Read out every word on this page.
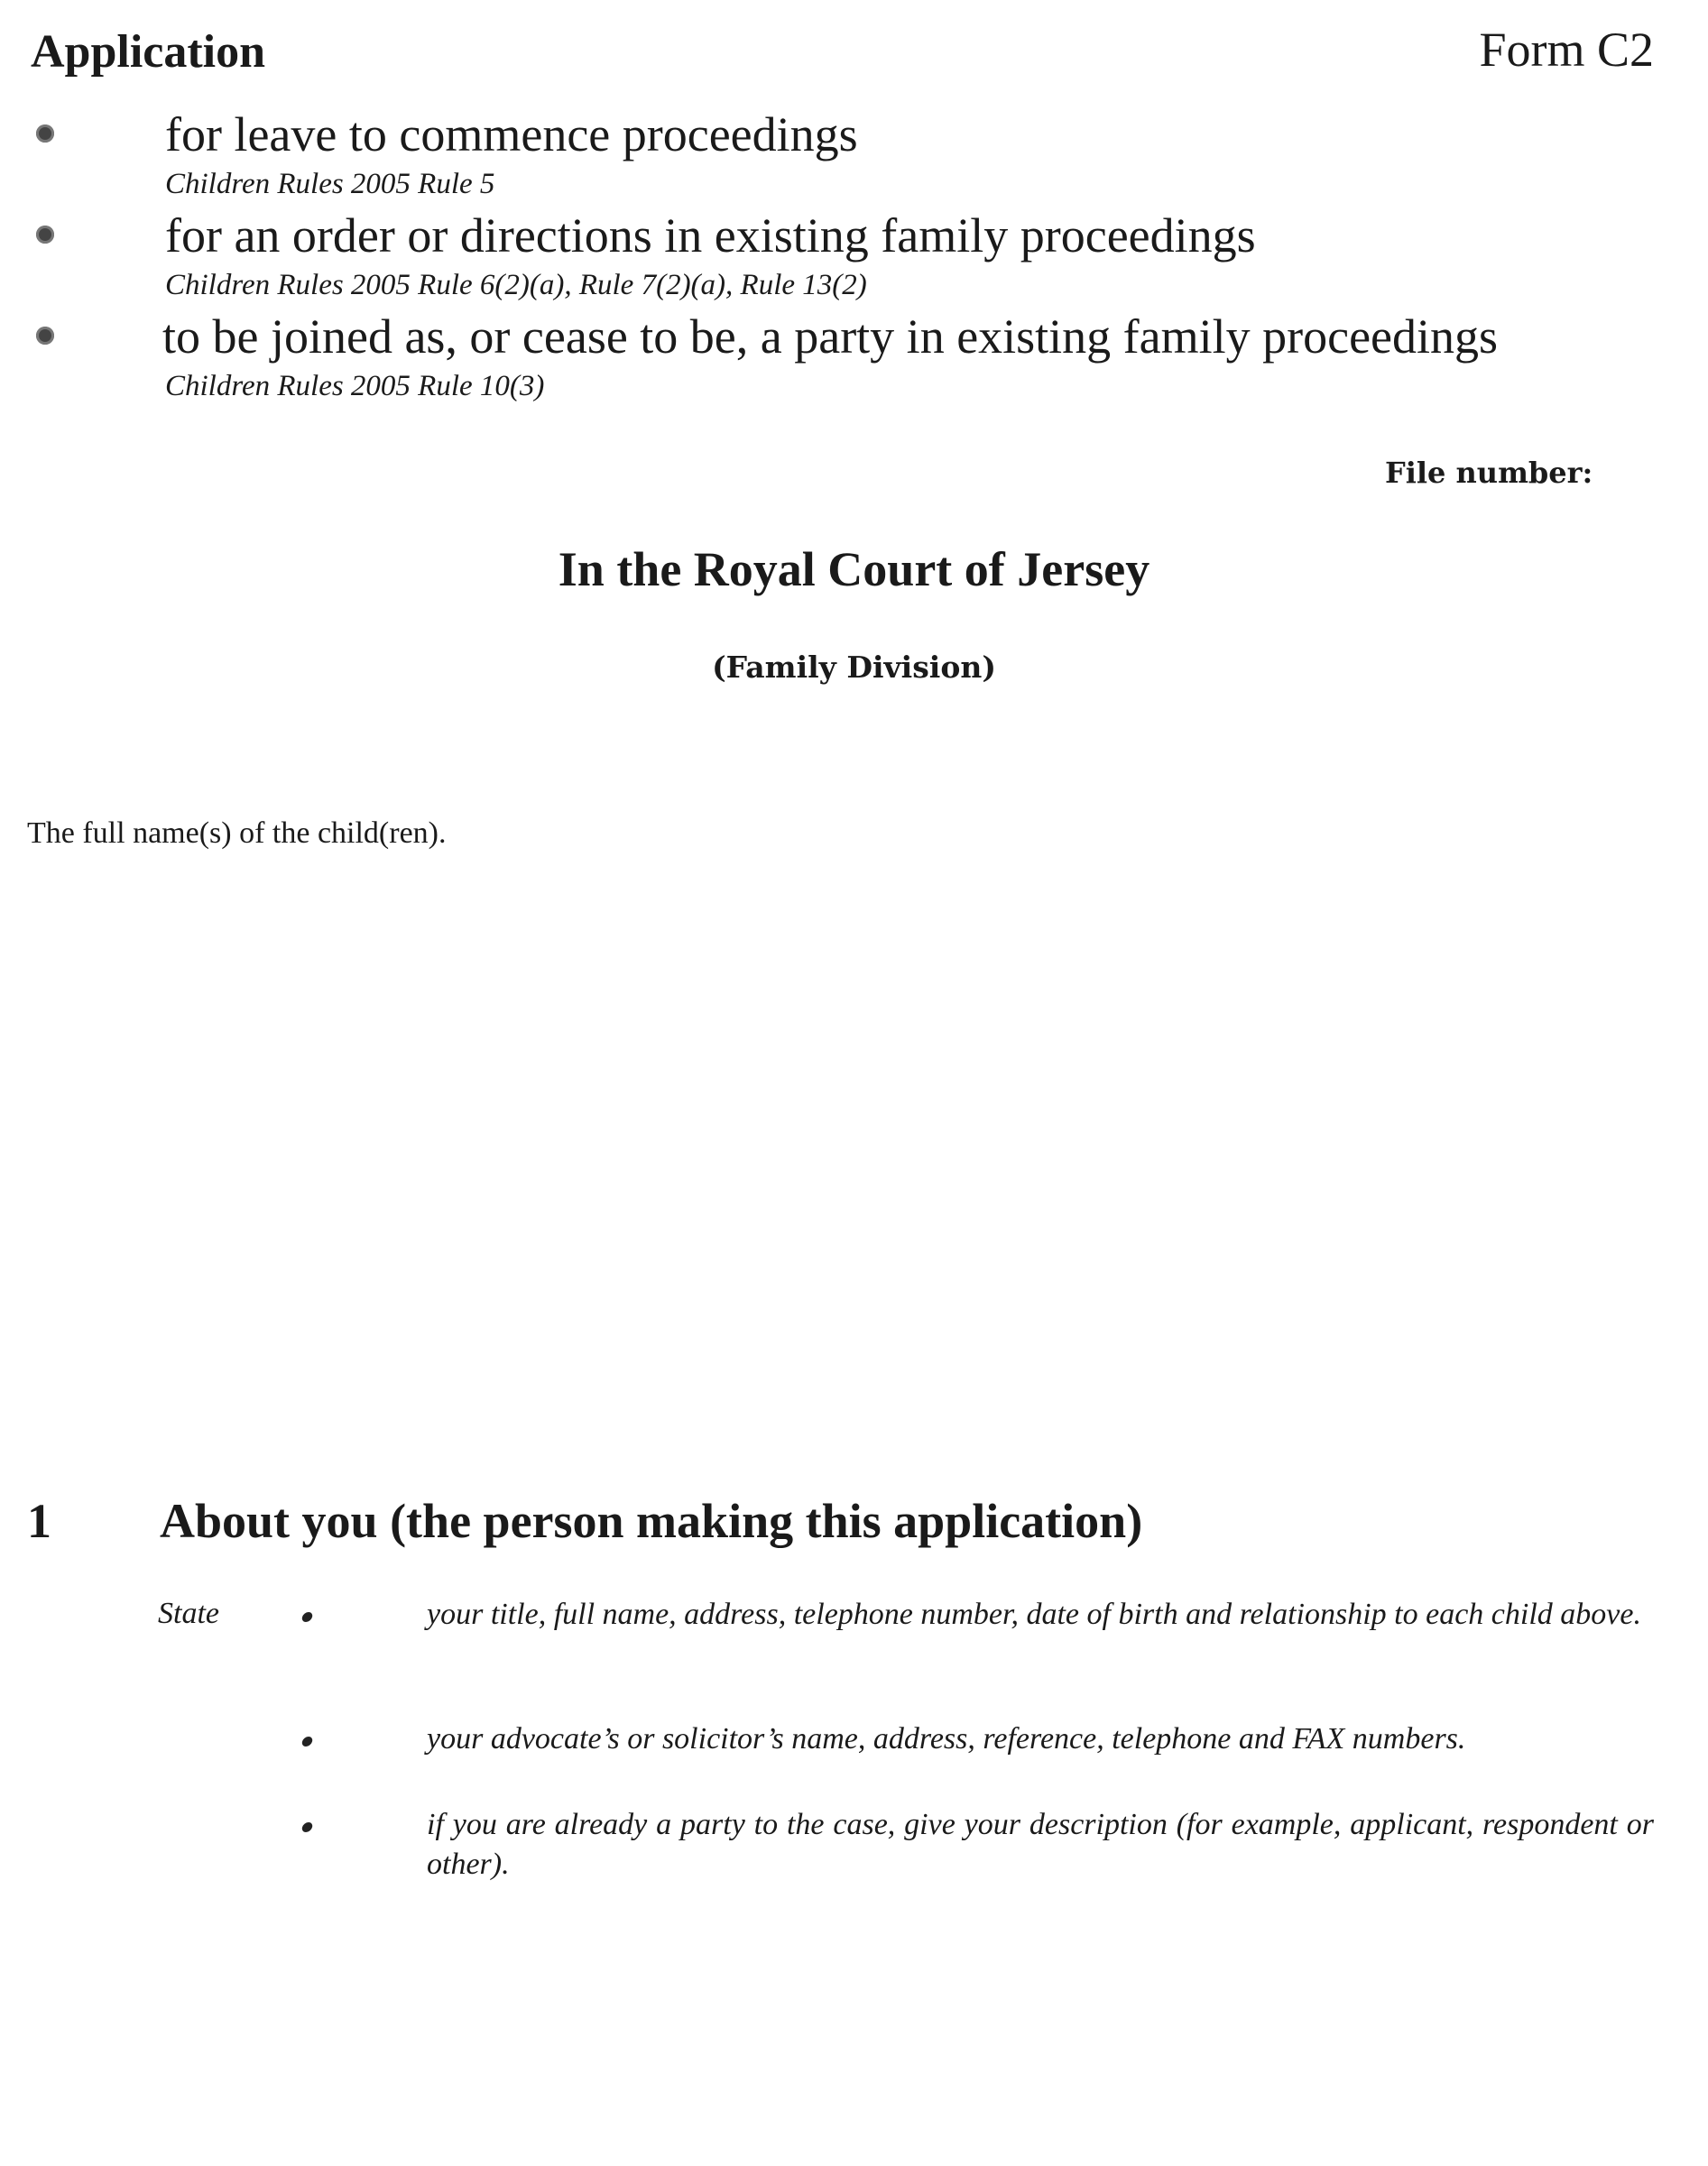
Application	Form C2
for leave to commence proceedings
Children Rules 2005 Rule 5
for an order or directions in existing family proceedings
Children Rules 2005 Rule 6(2)(a), Rule 7(2)(a), Rule 13(2)
to be joined as, or cease to be, a party in existing family proceedings
Children Rules 2005 Rule 10(3)
File number:
In the Royal Court of Jersey
(Family Division)
The full name(s) of the child(ren).
1 About you (the person making this application)
State	your title, full name, address, telephone number, date of birth and relationship to each child above.
your advocate’s or solicitor’s name, address, reference, telephone and FAX numbers.
if you are already a party to the case, give your description (for example, applicant, respondent or other).
